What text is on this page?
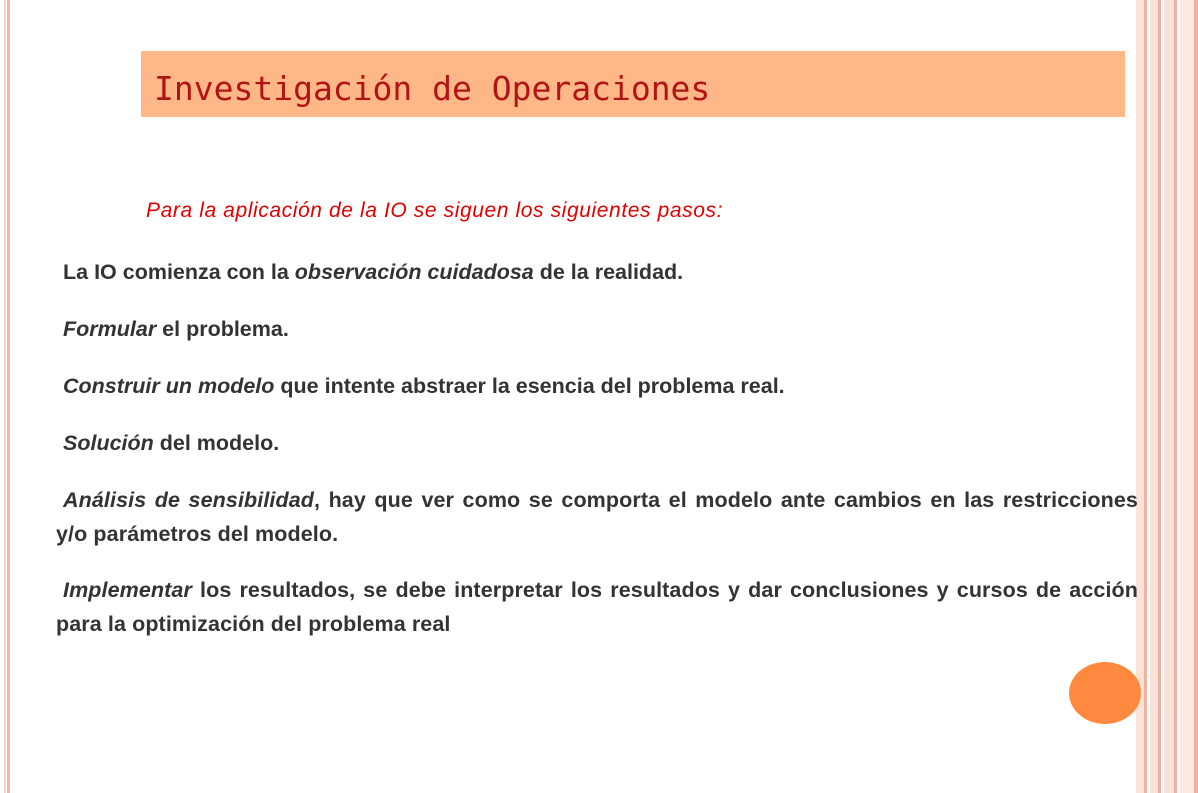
Investigación de Operaciones
Para la aplicación de la IO se siguen los siguientes pasos:
La IO comienza con la observación cuidadosa de la realidad.
Formular el problema.
Construir un modelo que intente abstraer la esencia del problema real.
Solución del modelo.
Análisis de sensibilidad, hay que ver como se comporta el modelo ante cambios en las restricciones y/o parámetros del modelo.
Implementar los resultados, se debe interpretar los resultados y dar conclusiones y cursos de acción para la optimización del problema real
